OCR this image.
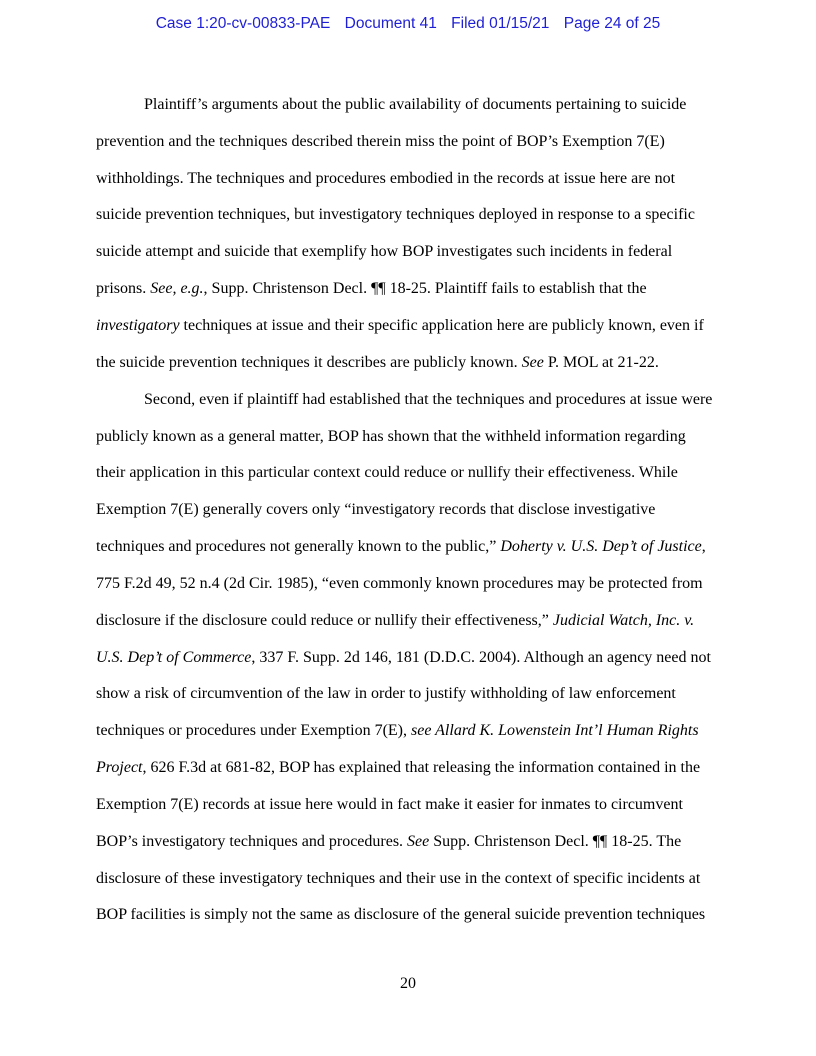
Case 1:20-cv-00833-PAE Document 41 Filed 01/15/21 Page 24 of 25
Plaintiff’s arguments about the public availability of documents pertaining to suicide
prevention and the techniques described therein miss the point of BOP’s Exemption 7(E)
withholdings. The techniques and procedures embodied in the records at issue here are not
suicide prevention techniques, but investigatory techniques deployed in response to a specific
suicide attempt and suicide that exemplify how BOP investigates such incidents in federal
prisons. See, e.g., Supp. Christenson Decl. ¶¶ 18-25. Plaintiff fails to establish that the
investigatory techniques at issue and their specific application here are publicly known, even if
the suicide prevention techniques it describes are publicly known. See P. MOL at 21-22.
Second, even if plaintiff had established that the techniques and procedures at issue were
publicly known as a general matter, BOP has shown that the withheld information regarding
their application in this particular context could reduce or nullify their effectiveness. While
Exemption 7(E) generally covers only “investigatory records that disclose investigative
techniques and procedures not generally known to the public,” Doherty v. U.S. Dep’t of Justice,
775 F.2d 49, 52 n.4 (2d Cir. 1985), “even commonly known procedures may be protected from
disclosure if the disclosure could reduce or nullify their effectiveness,” Judicial Watch, Inc. v.
U.S. Dep’t of Commerce, 337 F. Supp. 2d 146, 181 (D.D.C. 2004). Although an agency need not
show a risk of circumvention of the law in order to justify withholding of law enforcement
techniques or procedures under Exemption 7(E), see Allard K. Lowenstein Int’l Human Rights
Project, 626 F.3d at 681-82, BOP has explained that releasing the information contained in the
Exemption 7(E) records at issue here would in fact make it easier for inmates to circumvent
BOP’s investigatory techniques and procedures. See Supp. Christenson Decl. ¶¶ 18-25. The
disclosure of these investigatory techniques and their use in the context of specific incidents at
BOP facilities is simply not the same as disclosure of the general suicide prevention techniques
20
